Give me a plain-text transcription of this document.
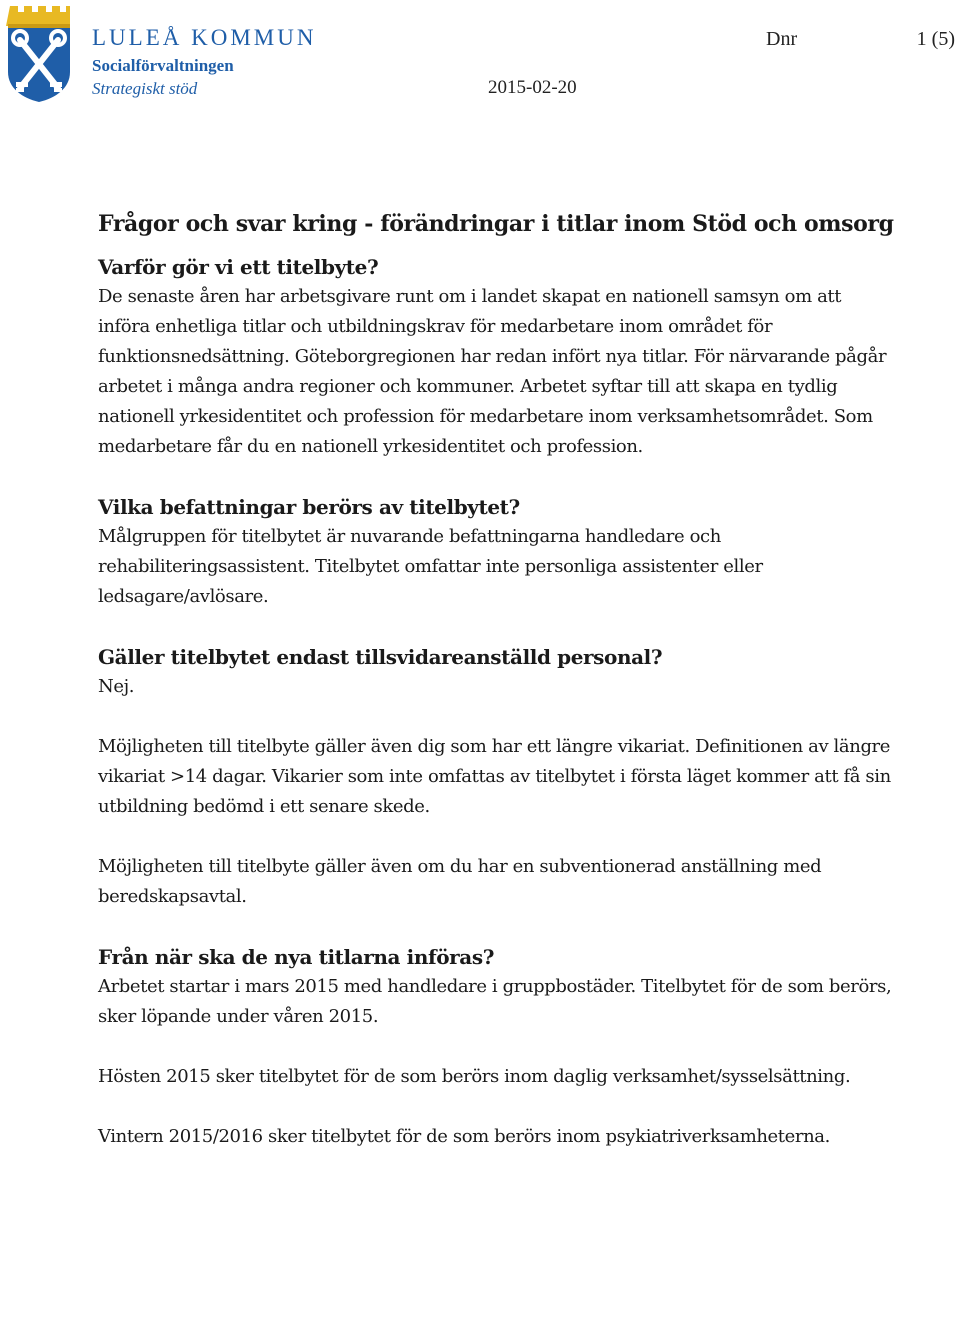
LULEÅ KOMMUN
Socialförvaltningen
Strategiskt stöd
Dnr	1 (5)
2015-02-20
Frågor och svar kring - förändringar i titlar inom Stöd och omsorg
Varför gör vi ett titelbyte?

De senaste åren har arbetsgivare runt om i landet skapat en nationell samsyn om att införa enhetliga titlar och utbildningskrav för medarbetare inom området för funktionsnedsättning. Göteborgregionen har redan infört nya titlar. För närvarande pågår arbetet i många andra regioner och kommuner. Arbetet syftar till att skapa en tydlig nationell yrkesidentitet och profession för medarbetare inom verksamhetsområdet. Som medarbetare får du en nationell yrkesidentitet och profession.

Vilka befattningar berörs av titelbytet?

Målgruppen för titelbytet är nuvarande befattningarna handledare och rehabiliteringsassistent. Titelbytet omfattar inte personliga assistenter eller ledsagare/avlösare.

Gäller titelbytet endast tillsvidareanställd personal?

Nej.

Möjligheten till titelbyte gäller även dig som har ett längre vikariat. Definitionen av längre vikariat >14 dagar. Vikarier som inte omfattas av titelbytet i första läget kommer att få sin utbildning bedömd i ett senare skede.

Möjligheten till titelbyte gäller även om du har en subventionerad anställning med beredskapsavtal.

Från när ska de nya titlarna införas?

Arbetet startar i mars 2015 med handledare i gruppbostäder. Titelbytet för de som berörs, sker löpande under våren 2015.

Hösten 2015 sker titelbytet för de som berörs inom daglig verksamhet/sysselsättning.

Vintern 2015/2016 sker titelbytet för de som berörs inom psykiatriverksamheterna.
